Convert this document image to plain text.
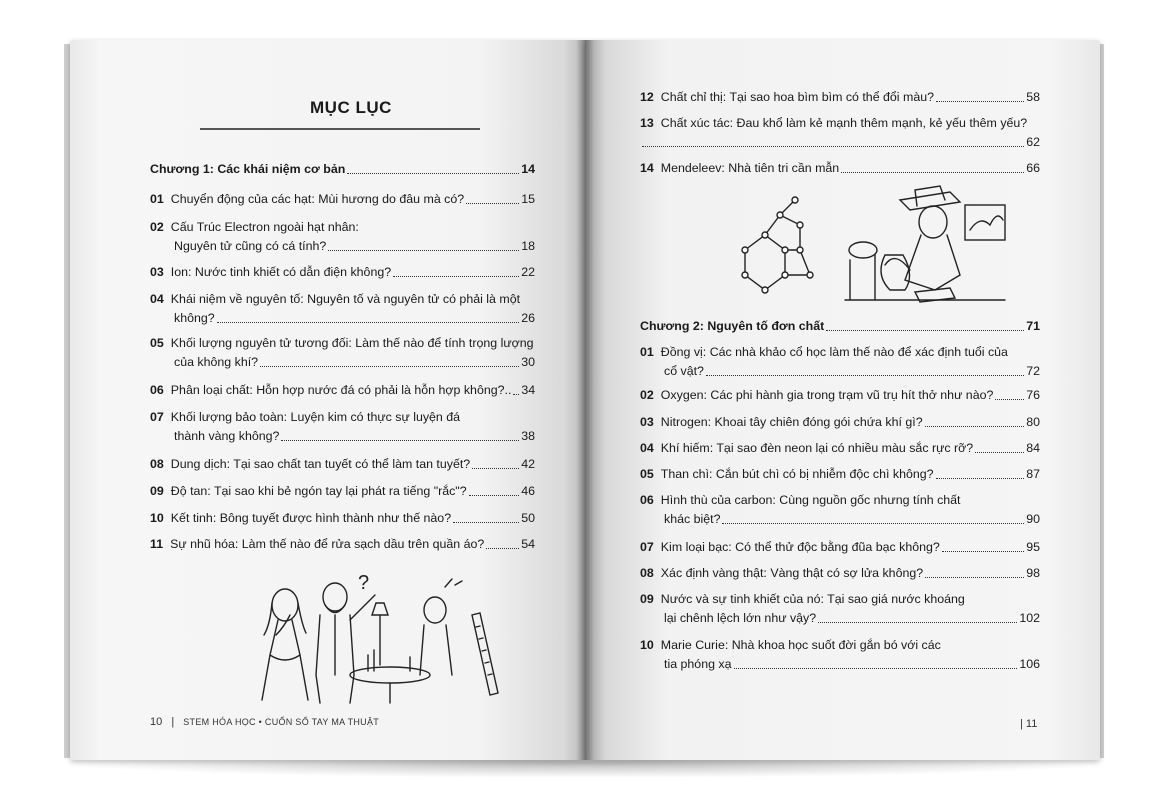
MỤC LỤC
Chương 1: Các khái niệm cơ bản	14
01 Chuyển động của các hạt: Mùi hương do đâu mà có?	15
02 Cấu Trúc Electron ngoài hạt nhân:
Nguyên tử cũng có cá tính?	18
03 Ion: Nước tinh khiết có dẫn điện không?	22
04 Khái niệm về nguyên tố: Nguyên tố và nguyên tử có phải là một
không?	26
05 Khối lượng nguyên tử tương đối: Làm thế nào để tính trọng lượng
của không khí?	30
06 Phân loại chất: Hỗn hợp nước đá có phải là hỗn hợp không?.. 34
07 Khối lượng bảo toàn: Luyện kim có thực sự luyện đá
thành vàng không?	38
08 Dung dịch: Tại sao chất tan tuyết có thể làm tan tuyết?	42
09 Độ tan: Tại sao khi bẻ ngón tay lại phát ra tiếng "rắc"?	46
10 Kết tinh: Bông tuyết được hình thành như thế nào?	50
11 Sự nhũ hóa: Làm thế nào để rửa sạch dầu trên quần áo?	54
?
10 | STEM HÓA HỌC • CUỐN SỔ TAY MA THUẬT
12 Chất chỉ thị: Tại sao hoa bìm bìm có thể đổi màu?	58
13 Chất xúc tác: Đau khổ làm kẻ mạnh thêm mạnh, kẻ yếu thêm yếu?
62
14 Mendeleev: Nhà tiên tri cần mẫn	66
Chương 2: Nguyên tố đơn chất	71
01 Đồng vị: Các nhà khảo cổ học làm thế nào để xác định tuổi của
cổ vật?	72
02 Oxygen: Các phi hành gia trong trạm vũ trụ hít thở như nào?	76
03 Nitrogen: Khoai tây chiên đóng gói chứa khí gì?	80
04 Khí hiếm: Tại sao đèn neon lại có nhiều màu sắc rực rỡ?	84
05 Than chì: Cắn bút chì có bị nhiễm độc chì không?	87
06 Hình thù của carbon: Cùng nguồn gốc nhưng tính chất
khác biệt?	90
07 Kim loại bạc: Có thể thử độc bằng đũa bạc không?	95
08 Xác định vàng thật: Vàng thật có sợ lửa không?	98
09 Nước và sự tinh khiết của nó: Tại sao giá nước khoáng
lại chênh lệch lớn như vậy?	102
10 Marie Curie: Nhà khoa học suốt đời gắn bó với các
tia phóng xạ	106
| 11
